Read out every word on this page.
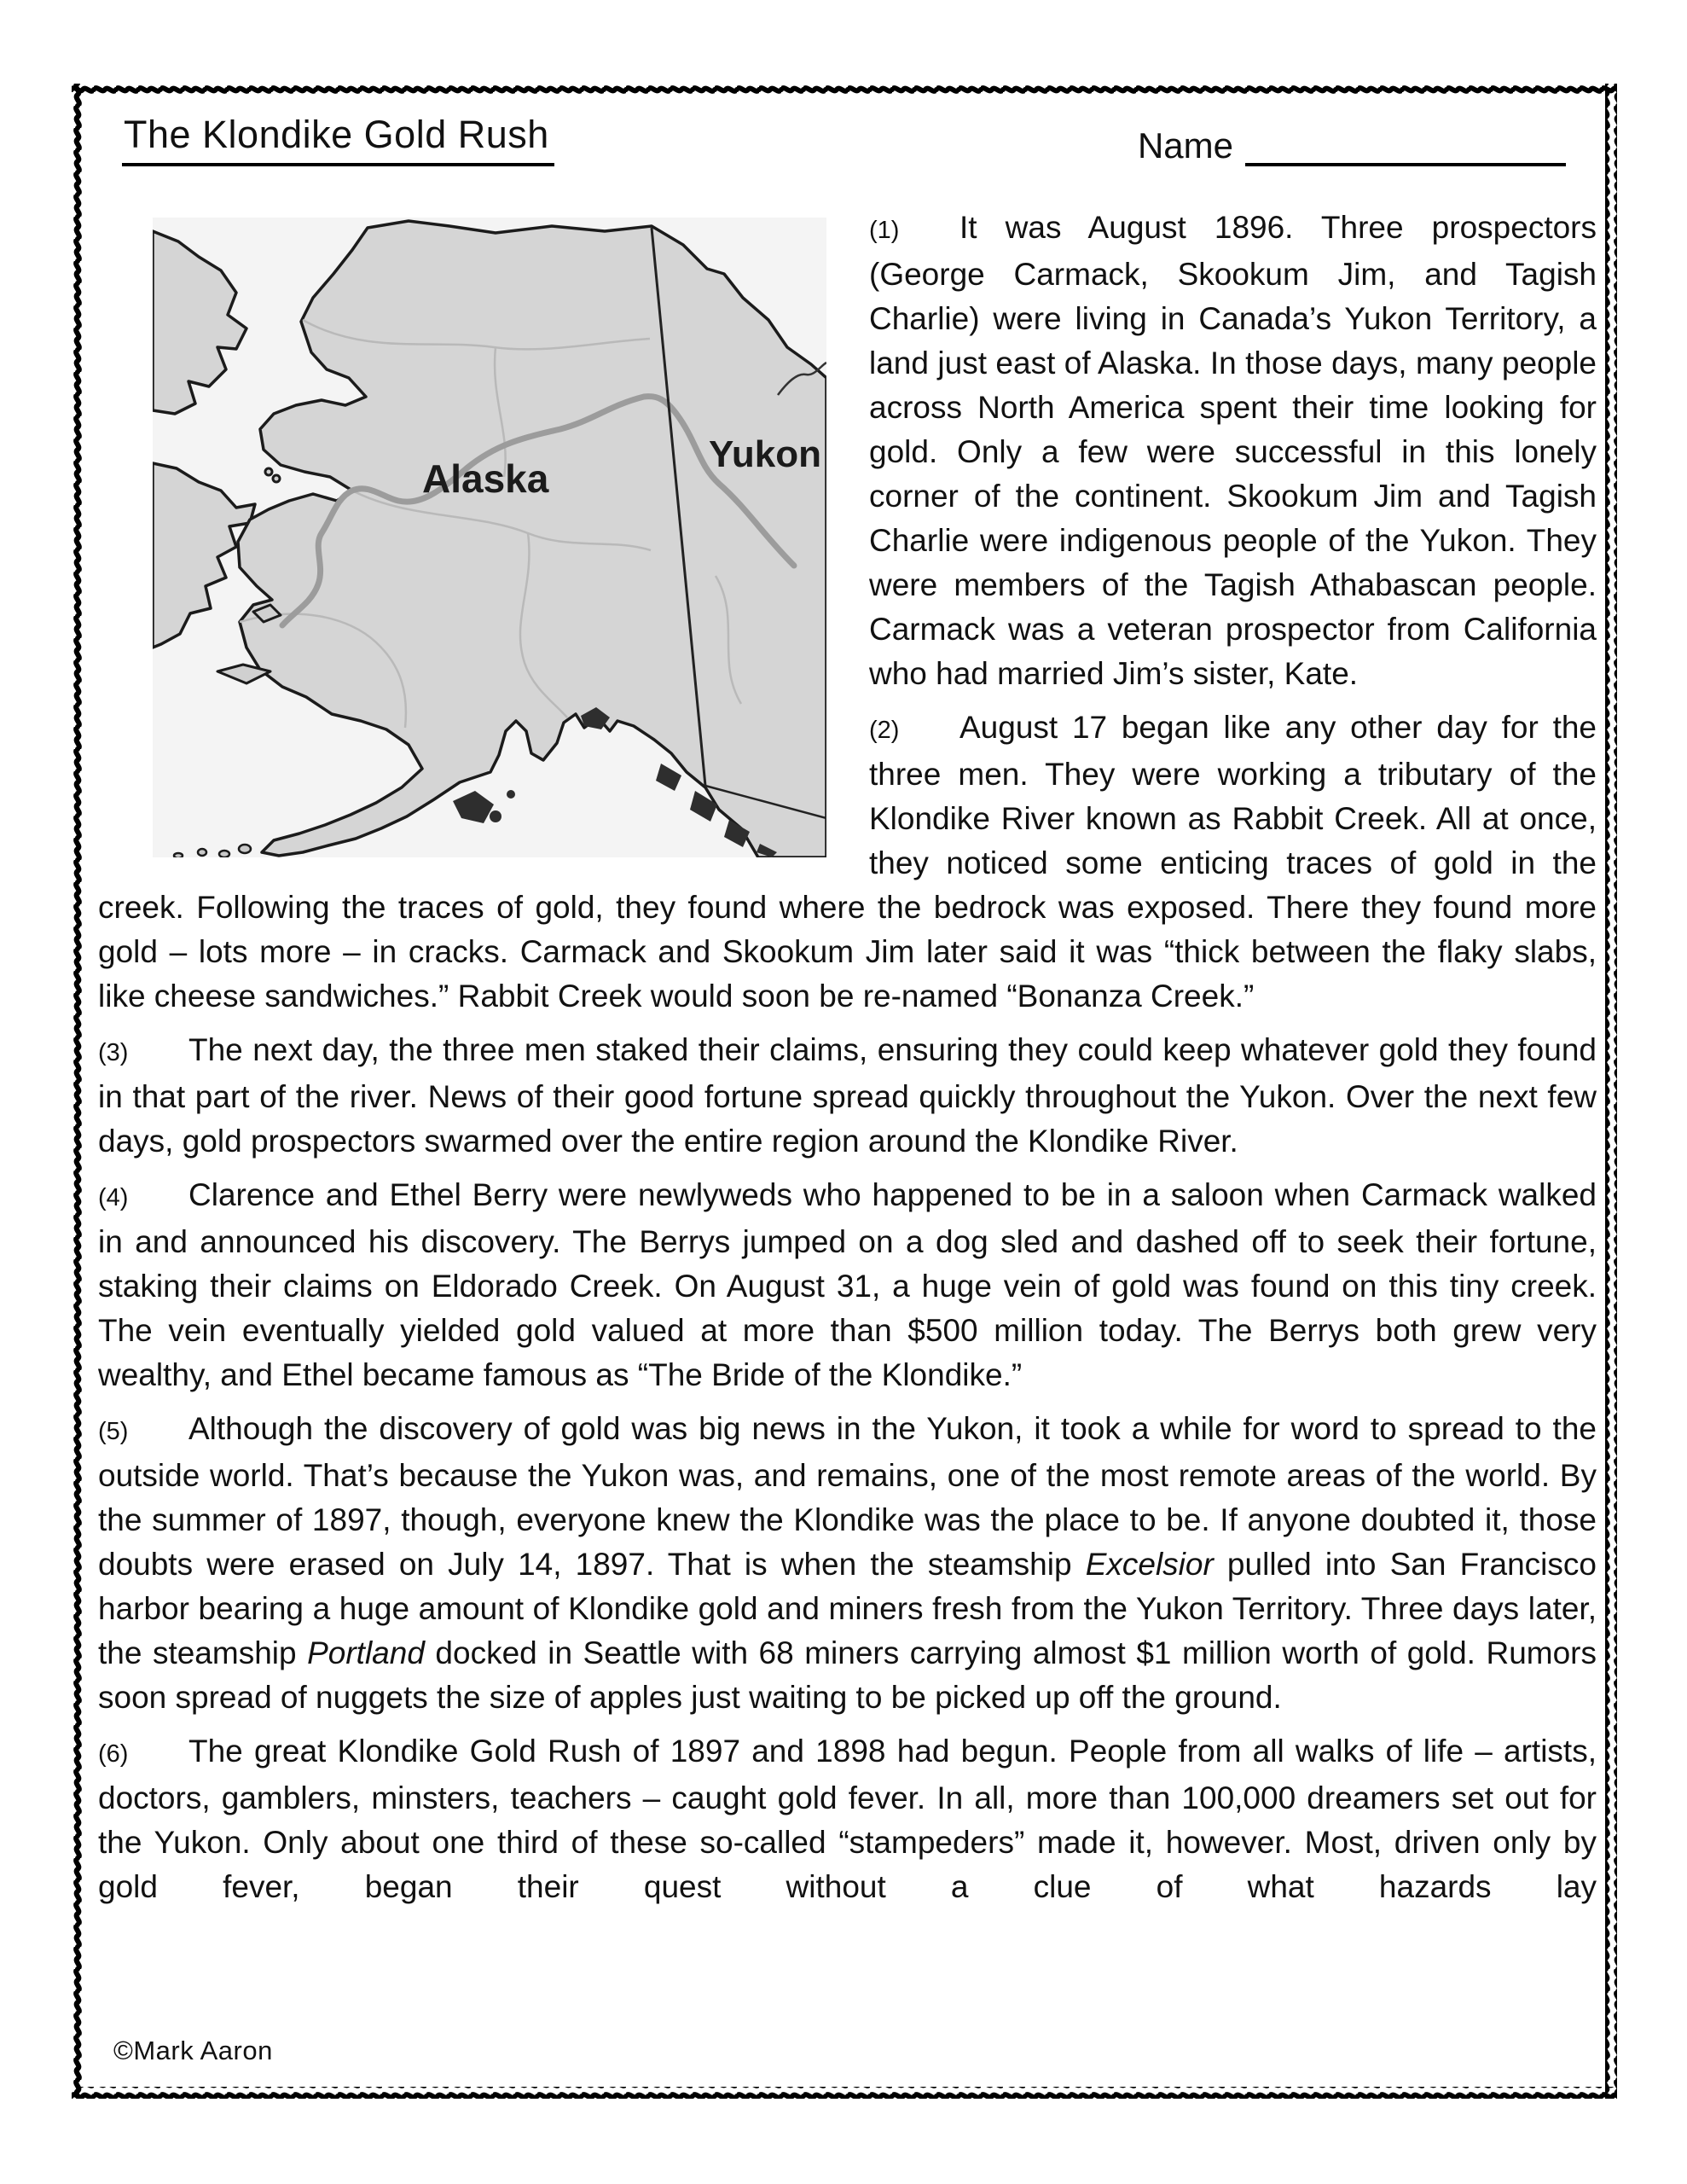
The Klondike Gold Rush	Name
Alaska
Yukon

(1) It was August 1896. Three prospectors (George Carmack, Skookum Jim, and Tagish Charlie) were living in Canada’s Yukon Territory, a land just east of Alaska. In those days, many people across North America spent their time looking for gold. Only a few were successful in this lonely corner of the continent. Skookum Jim and Tagish Charlie were indigenous people of the Yukon. They were members of the Tagish Athabascan people. Carmack was a veteran prospector from California who had married Jim’s sister, Kate.

(2) August 17 began like any other day for the three men. They were working a tributary of the Klondike River known as Rabbit Creek. All at once, they noticed some enticing traces of gold in the creek. Following the traces of gold, they found where the bedrock was exposed. There they found more gold – lots more – in cracks. Carmack and Skookum Jim later said it was “thick between the flaky slabs, like cheese sandwiches.” Rabbit Creek would soon be re-named “Bonanza Creek.”

(3) The next day, the three men staked their claims, ensuring they could keep whatever gold they found in that part of the river. News of their good fortune spread quickly throughout the Yukon. Over the next few days, gold prospectors swarmed over the entire region around the Klondike River.

(4) Clarence and Ethel Berry were newlyweds who happened to be in a saloon when Carmack walked in and announced his discovery. The Berrys jumped on a dog sled and dashed off to seek their fortune, staking their claims on Eldorado Creek. On August 31, a huge vein of gold was found on this tiny creek. The vein eventually yielded gold valued at more than $500 million today. The Berrys both grew very wealthy, and Ethel became famous as “The Bride of the Klondike.”

(5) Although the discovery of gold was big news in the Yukon, it took a while for word to spread to the outside world. That’s because the Yukon was, and remains, one of the most remote areas of the world. By the summer of 1897, though, everyone knew the Klondike was the place to be. If anyone doubted it, those doubts were erased on July 14, 1897. That is when the steamship Excelsior pulled into San Francisco harbor bearing a huge amount of Klondike gold and miners fresh from the Yukon Territory. Three days later, the steamship Portland docked in Seattle with 68 miners carrying almost $1 million worth of gold. Rumors soon spread of nuggets the size of apples just waiting to be picked up off the ground.

(6) The great Klondike Gold Rush of 1897 and 1898 had begun. People from all walks of life – artists, doctors, gamblers, minsters, teachers – caught gold fever. In all, more than 100,000 dreamers set out for the Yukon. Only about one third of these so-called “stampeders” made it, however. Most, driven only by gold fever, began their quest without a clue of what hazards lay

©Mark Aaron
